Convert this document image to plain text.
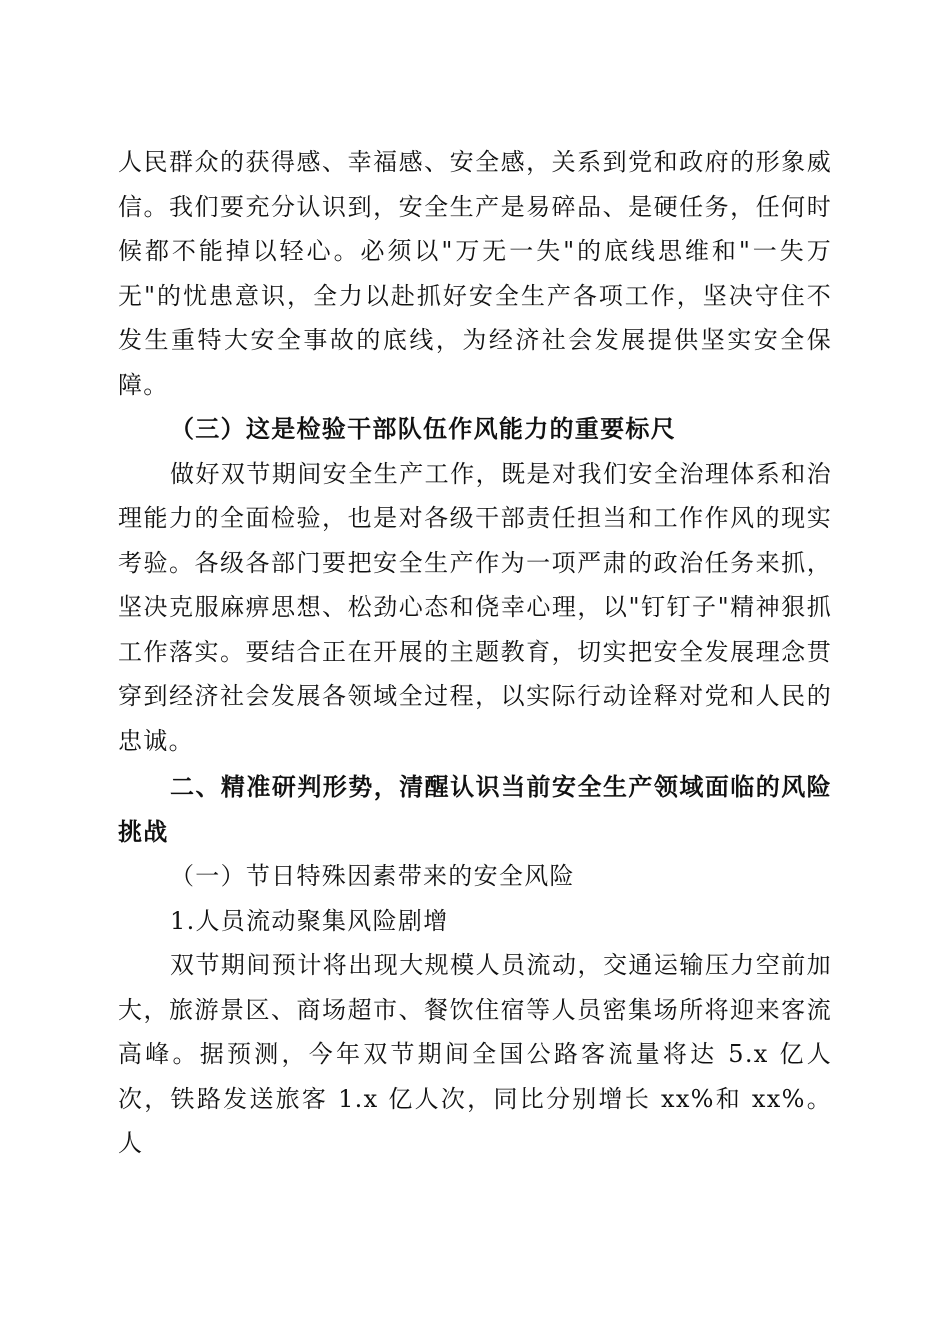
人民群众的获得感、幸福感、安全感，关系到党和政府的形象威信。我们要充分认识到，安全生产是易碎品、是硬任务，任何时候都不能掉以轻心。必须以"万无一失"的底线思维和"一失万无"的忧患意识，全力以赴抓好安全生产各项工作，坚决守住不发生重特大安全事故的底线，为经济社会发展提供坚实安全保障。

（三）这是检验干部队伍作风能力的重要标尺

做好双节期间安全生产工作，既是对我们安全治理体系和治理能力的全面检验，也是对各级干部责任担当和工作作风的现实考验。各级各部门要把安全生产作为一项严肃的政治任务来抓，坚决克服麻痹思想、松劲心态和侥幸心理，以"钉钉子"精神狠抓工作落实。要结合正在开展的主题教育，切实把安全发展理念贯穿到经济社会发展各领域全过程，以实际行动诠释对党和人民的忠诚。

二、精准研判形势，清醒认识当前安全生产领域面临的风险挑战

（一）节日特殊因素带来的安全风险

1.人员流动聚集风险剧增

双节期间预计将出现大规模人员流动，交通运输压力空前加大，旅游景区、商场超市、餐饮住宿等人员密集场所将迎来客流高峰。据预测，今年双节期间全国公路客流量将达 5.x 亿人次，铁路发送旅客 1.x 亿人次，同比分别增长 xx%和 xx%。人
